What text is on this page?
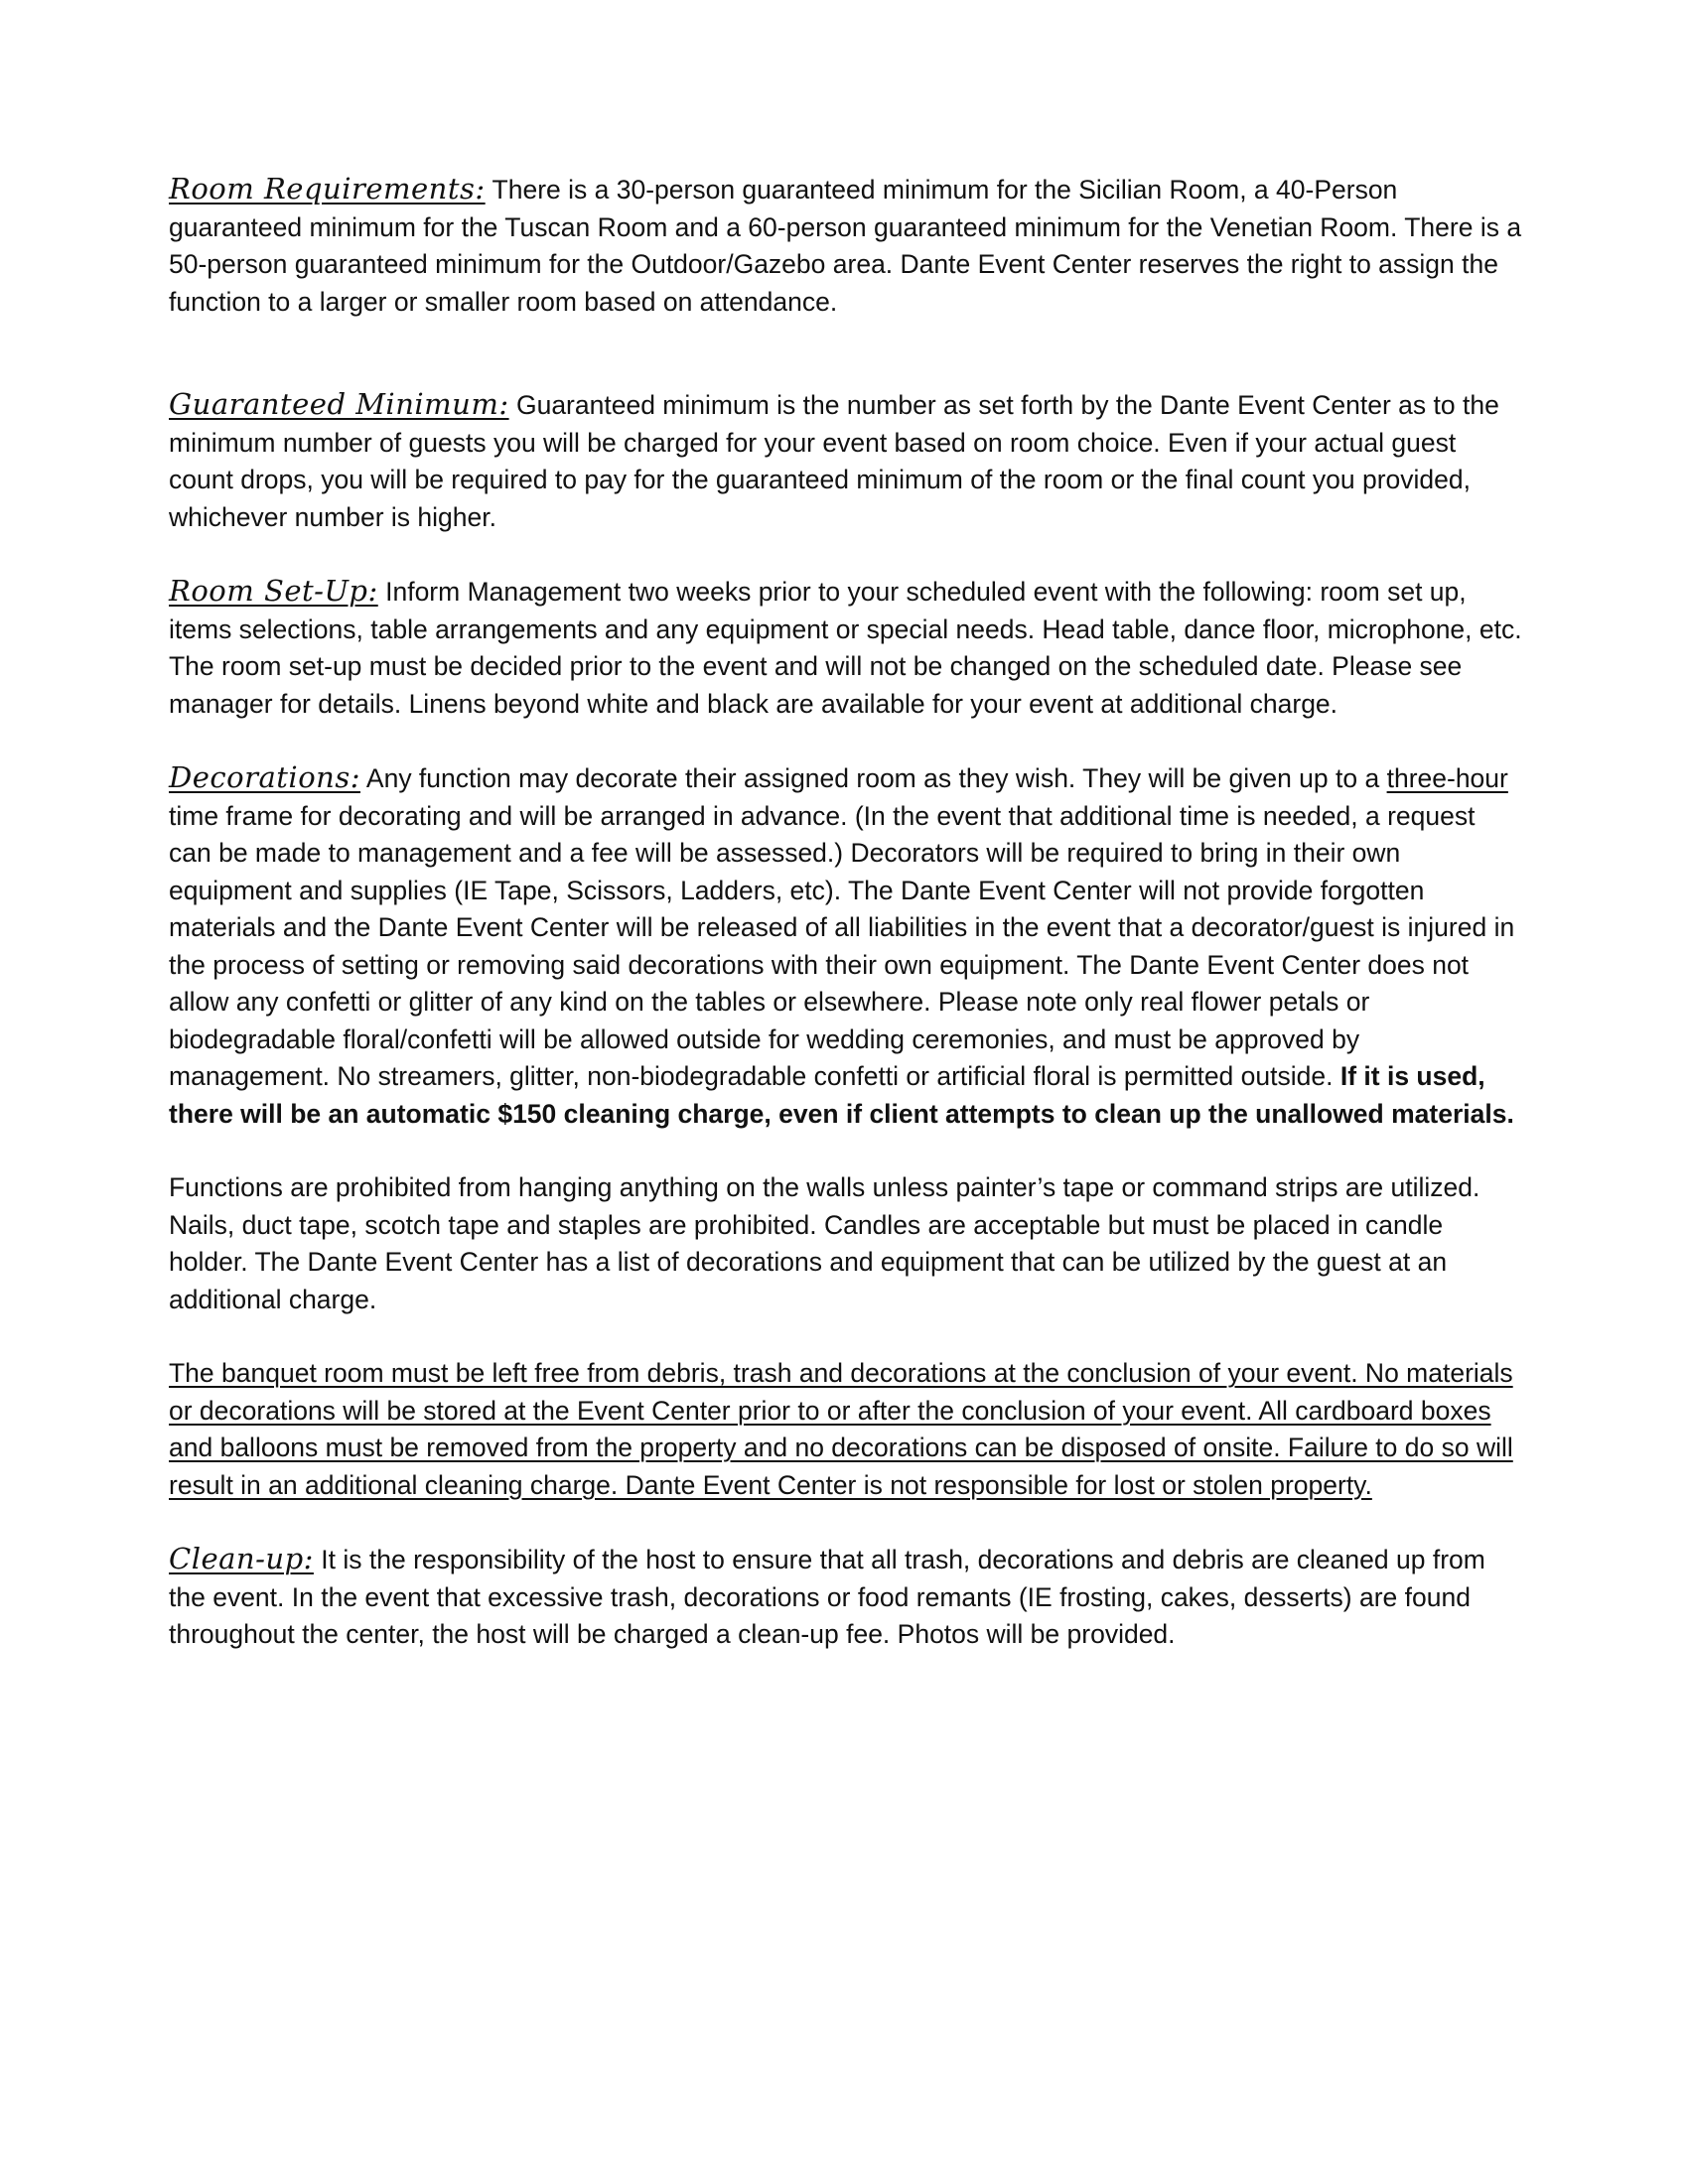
Room Requirements: There is a 30-person guaranteed minimum for the Sicilian Room, a 40-Person guaranteed minimum for the Tuscan Room and a 60-person guaranteed minimum for the Venetian Room. There is a 50-person guaranteed minimum for the Outdoor/Gazebo area. Dante Event Center reserves the right to assign the function to a larger or smaller room based on attendance.

Guaranteed Minimum: Guaranteed minimum is the number as set forth by the Dante Event Center as to the minimum number of guests you will be charged for your event based on room choice. Even if your actual guest count drops, you will be required to pay for the guaranteed minimum of the room or the final count you provided, whichever number is higher.

Room Set-Up: Inform Management two weeks prior to your scheduled event with the following: room set up, items selections, table arrangements and any equipment or special needs. Head table, dance floor, microphone, etc. The room set-up must be decided prior to the event and will not be changed on the scheduled date. Please see manager for details. Linens beyond white and black are available for your event at additional charge.

Decorations: Any function may decorate their assigned room as they wish. They will be given up to a three-hour time frame for decorating and will be arranged in advance. (In the event that additional time is needed, a request can be made to management and a fee will be assessed.) Decorators will be required to bring in their own equipment and supplies (IE Tape, Scissors, Ladders, etc). The Dante Event Center will not provide forgotten materials and the Dante Event Center will be released of all liabilities in the event that a decorator/guest is injured in the process of setting or removing said decorations with their own equipment. The Dante Event Center does not allow any confetti or glitter of any kind on the tables or elsewhere. Please note only real flower petals or biodegradable floral/confetti will be allowed outside for wedding ceremonies, and must be approved by management. No streamers, glitter, non-biodegradable confetti or artificial floral is permitted outside. If it is used, there will be an automatic $150 cleaning charge, even if client attempts to clean up the unallowed materials.

Functions are prohibited from hanging anything on the walls unless painter’s tape or command strips are utilized. Nails, duct tape, scotch tape and staples are prohibited. Candles are acceptable but must be placed in candle holder. The Dante Event Center has a list of decorations and equipment that can be utilized by the guest at an additional charge.

The banquet room must be left free from debris, trash and decorations at the conclusion of your event. No materials or decorations will be stored at the Event Center prior to or after the conclusion of your event. All cardboard boxes and balloons must be removed from the property and no decorations can be disposed of onsite. Failure to do so will result in an additional cleaning charge. Dante Event Center is not responsible for lost or stolen property.

Clean-up: It is the responsibility of the host to ensure that all trash, decorations and debris are cleaned up from the event. In the event that excessive trash, decorations or food remants (IE frosting, cakes, desserts) are found throughout the center, the host will be charged a clean-up fee. Photos will be provided.
